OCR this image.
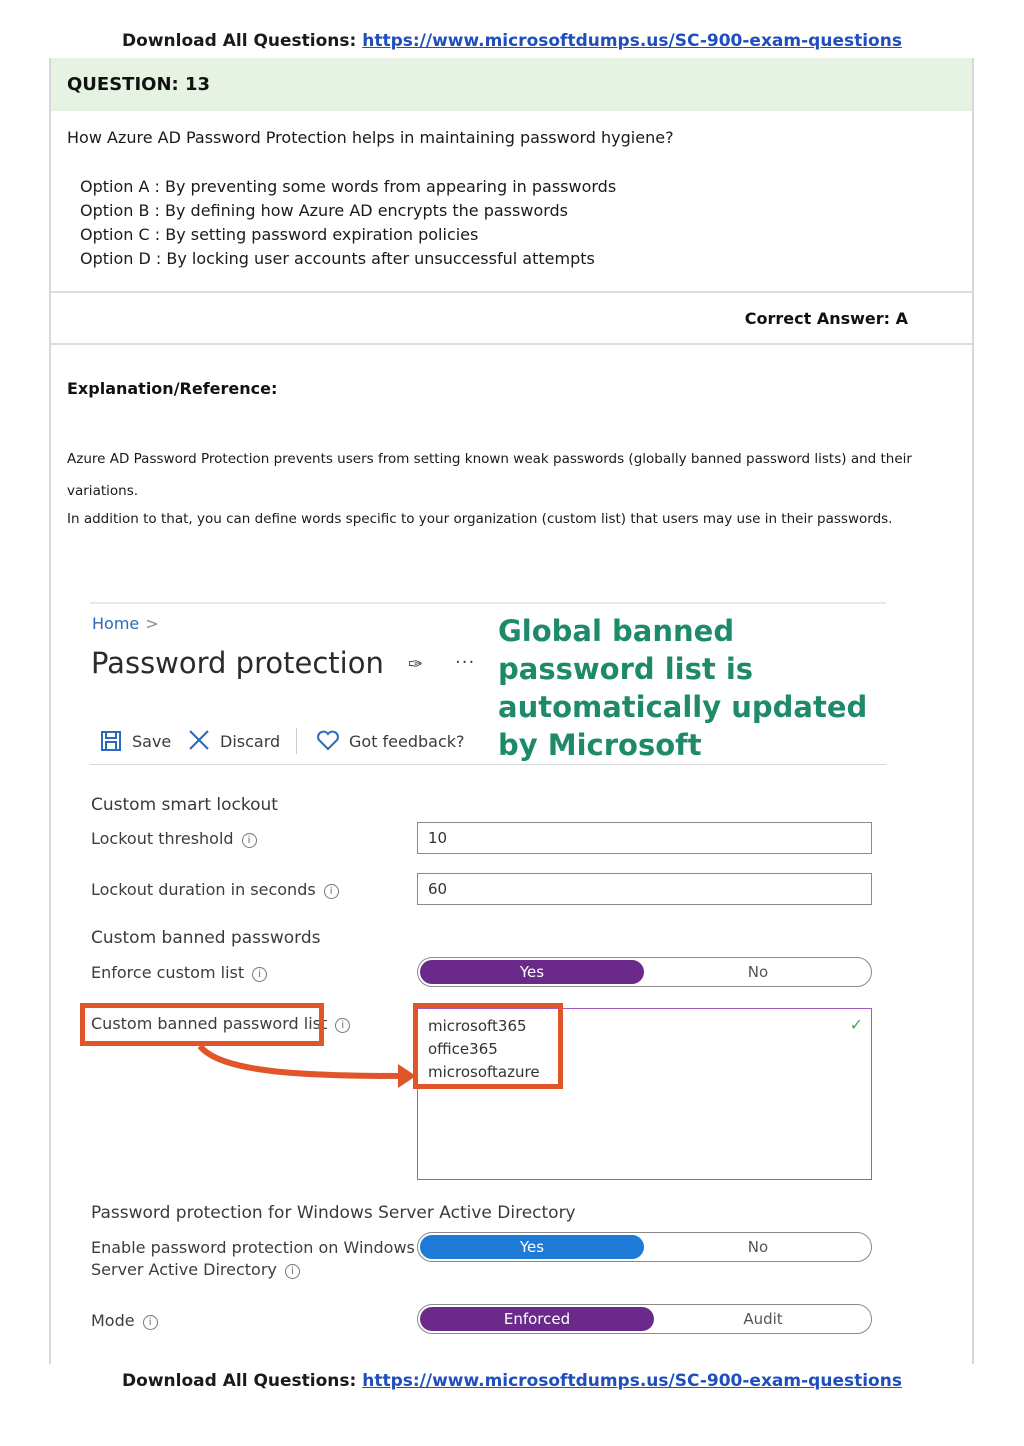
Download All Questions: https://www.microsoftdumps.us/SC-900-exam-questions
QUESTION: 13
How Azure AD Password Protection helps in maintaining password hygiene?
Option A : By preventing some words from appearing in passwords
Option B : By defining how Azure AD encrypts the passwords
Option C : By setting password expiration policies
Option D : By locking user accounts after unsuccessful attempts
Correct Answer: A
Explanation/Reference:
Azure AD Password Protection prevents users from setting known weak passwords (globally banned password lists) and their
variations.
In addition to that, you can define words specific to your organization (custom list) that users may use in their passwords.
Home >
Password protection ✑ ···
Global banned password list is automatically updated by Microsoft
Save	Discard	Got feedback?
Custom smart lockout
Lockout threshold i	10
Lockout duration in seconds i	60
Custom banned passwords
Enforce custom list i	Yes	No
Custom banned password list i	microsoft365
office365
microsoftazure
✓
Password protection for Windows Server Active Directory
Enable password protection on Windows
Server Active Directory i
Yes	No
Mode i	Enforced	Audit
Download All Questions: https://www.microsoftdumps.us/SC-900-exam-questions
